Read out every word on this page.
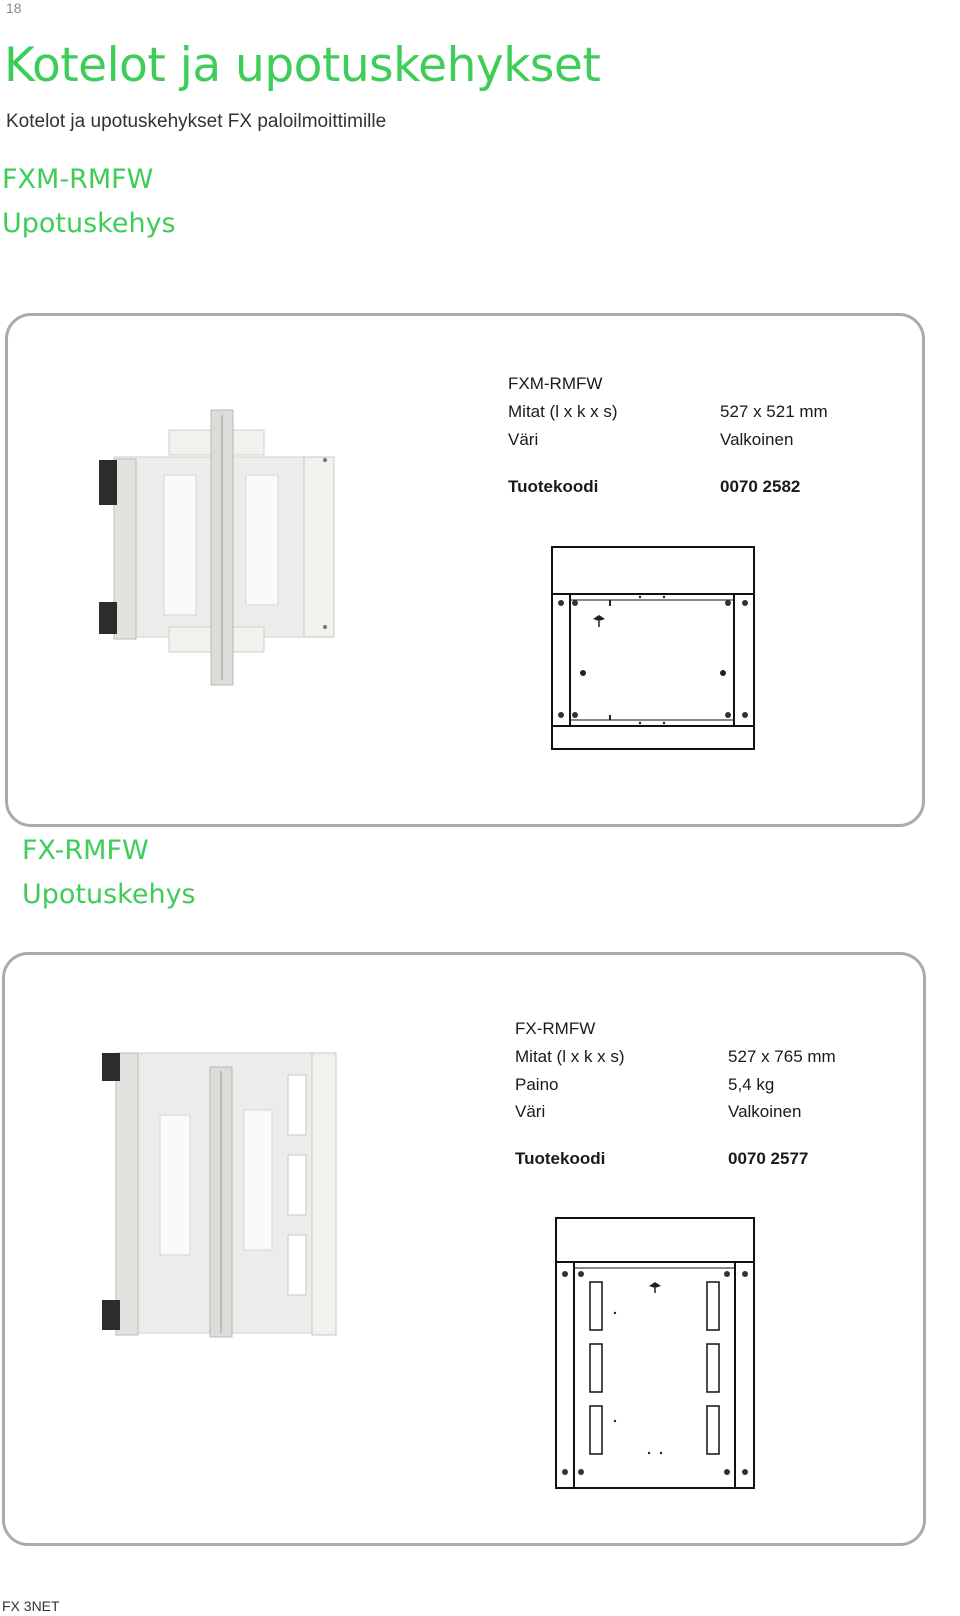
18
Kotelot ja upotuskehykset
Kotelot ja upotuskehykset FX paloilmoittimille
FXM-RMFW
Upotuskehys
FXM-RMFW
Mitat (l x k x s)	527 x 521 mm
Väri	Valkoinen
Tuotekoodi	0070 2582
FX-RMFW
Upotuskehys
FX-RMFW
Mitat (l x k x s)	527 x 765 mm
Paino	5,4 kg
Väri	Valkoinen
Tuotekoodi	0070 2577
FX 3NET
